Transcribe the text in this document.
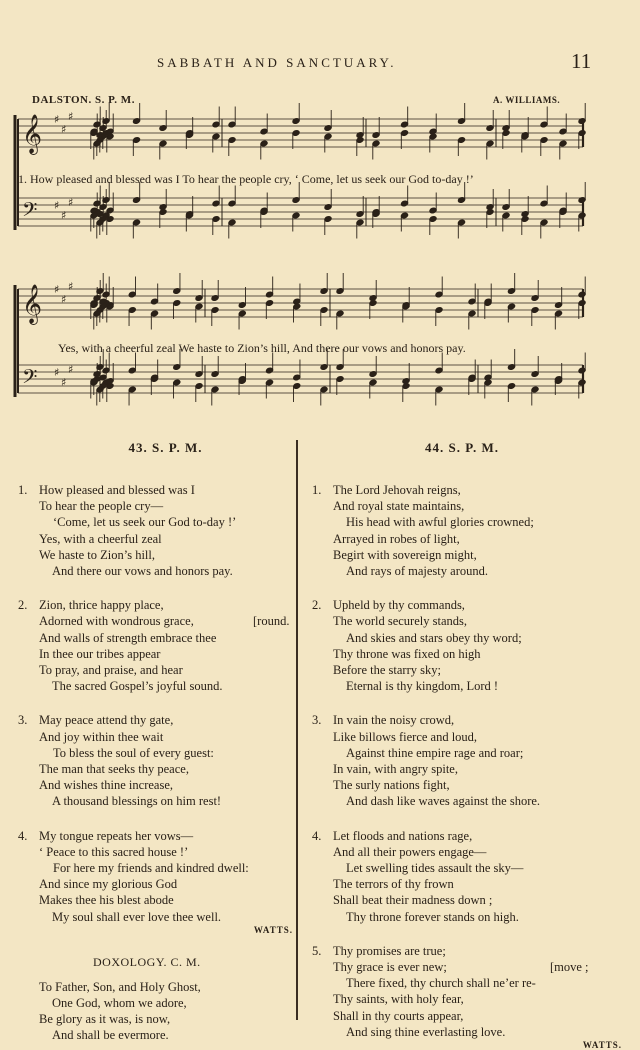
SABBATH AND SANCTUARY.	11
DALSTON. S. P. M.	A. WILLIAMS.
𝄞 ♯
♯
♯
𝄢 ♯
♯
♯
𝄞 ♯
♯
♯
𝄢 ♯
♯
♯
1. How pleased and blessed was I To hear the people cry, ‘ Come, let us seek our God to-day !’
Yes, with a cheerful zeal We haste to Zion’s hill, And there our vows and honors pay.
43. S. P. M.
1. How pleased and blessed was I
To hear the people cry—
‘Come, let us seek our God to-day !’
Yes, with a cheerful zeal
We haste to Zion’s hill,
And there our vows and honors pay.
2. Zion, thrice happy place,
Adorned with wondrous grace,	[round.
And walls of strength embrace thee
In thee our tribes appear
To pray, and praise, and hear
The sacred Gospel’s joyful sound.
3. May peace attend thy gate,
And joy within thee wait
To bless the soul of every guest:
The man that seeks thy peace,
And wishes thine increase,
A thousand blessings on him rest!
4. My tongue repeats her vows—
‘ Peace to this sacred house !’
For here my friends and kindred dwell:
And since my glorious God
Makes thee his blest abode
My soul shall ever love thee well.
WATTS.
DOXOLOGY. C. M.
To Father, Son, and Holy Ghost,
One God, whom we adore,
Be glory as it was, is now,
And shall be evermore.
44. S. P. M.
1. The Lord Jehovah reigns,
And royal state maintains,
His head with awful glories crowned;
Arrayed in robes of light,
Begirt with sovereign might,
And rays of majesty around.
2. Upheld by thy commands,
The world securely stands,
And skies and stars obey thy word;
Thy throne was fixed on high
Before the starry sky;
Eternal is thy kingdom, Lord !
3. In vain the noisy crowd,
Like billows fierce and loud,
Against thine empire rage and roar;
In vain, with angry spite,
The surly nations fight,
And dash like waves against the shore.
4. Let floods and nations rage,
And all their powers engage—
Let swelling tides assault the sky—
The terrors of thy frown
Shall beat their madness down ;
Thy throne forever stands on high.
5. Thy promises are true;
Thy grace is ever new;	[move ;
There fixed, thy church shall ne’er re-
Thy saints, with holy fear,
Shall in thy courts appear,
And sing thine everlasting love.
WATTS.
